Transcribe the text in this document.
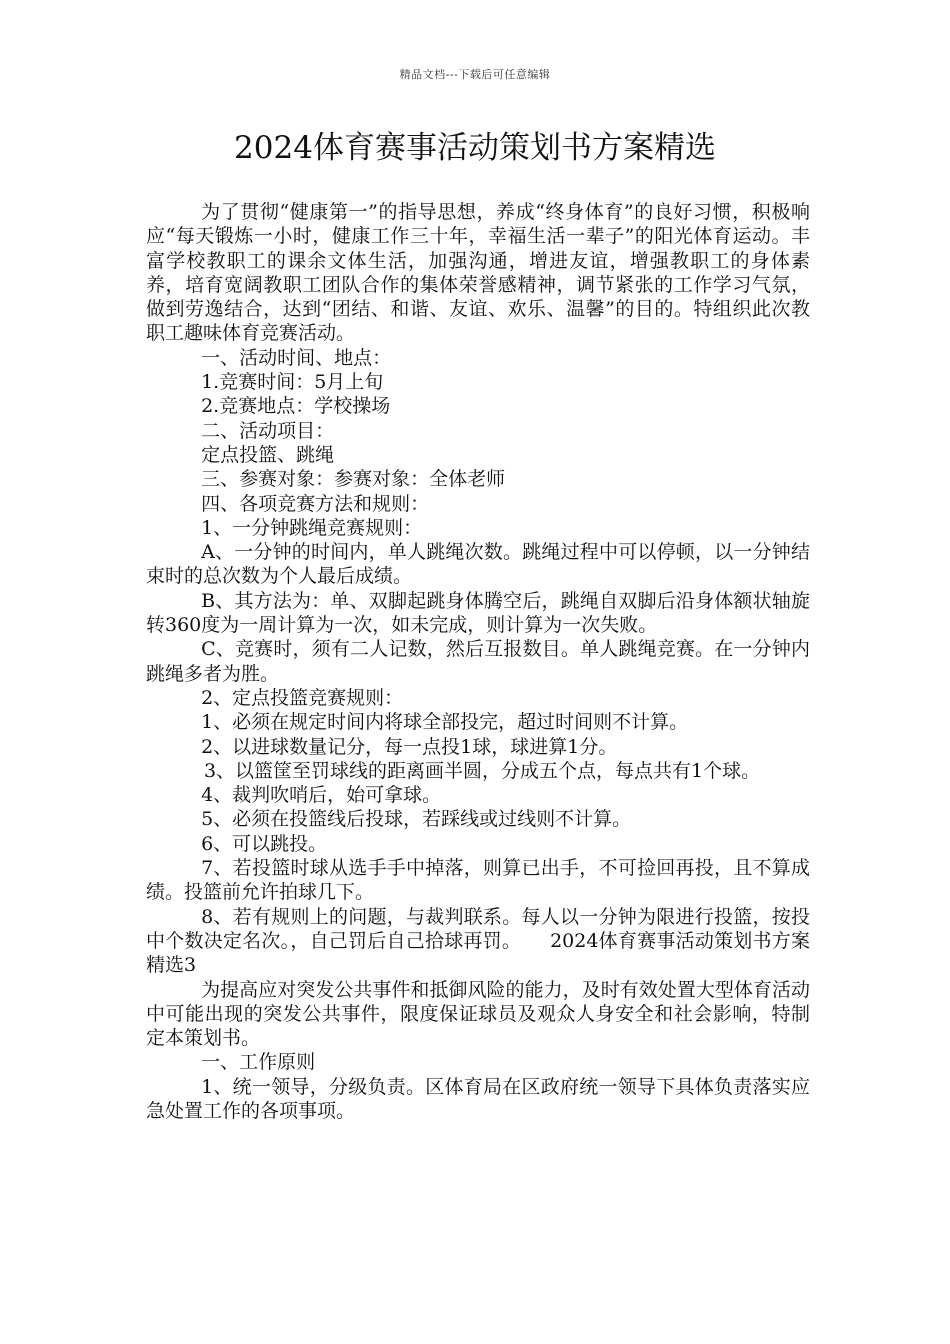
精品文档---下载后可任意编辑
2024体育赛事活动策划书方案精选

为了贯彻“健康第一”的指导思想，养成“终身体育”的良好习惯，积极响应“每天锻炼一小时，健康工作三十年，幸福生活一辈子”的阳光体育运动。丰富学校教职工的课余文体生活，加强沟通，增进友谊，增强教职工的身体素养，培育宽阔教职工团队合作的集体荣誉感精神，调节紧张的工作学习气氛，做到劳逸结合，达到“团结、和谐、友谊、欢乐、温馨”的目的。特组织此次教职工趣味体育竞赛活动。

一、活动时间、地点：

1.竞赛时间：5月上旬

2.竞赛地点：学校操场

二、活动项目：

定点投篮、跳绳

三、参赛对象：参赛对象：全体老师

四、各项竞赛方法和规则：

1、一分钟跳绳竞赛规则：

A、一分钟的时间内，单人跳绳次数。跳绳过程中可以停顿，以一分钟结束时的总次数为个人最后成绩。

B、其方法为：单、双脚起跳身体腾空后，跳绳自双脚后沿身体额状轴旋转360度为一周计算为一次，如未完成，则计算为一次失败。

C、竞赛时，须有二人记数，然后互报数目。单人跳绳竞赛。在一分钟内跳绳多者为胜。

2、定点投篮竞赛规则：

1、必须在规定时间内将球全部投完，超过时间则不计算。

2、以进球数量记分，每一点投1球，球进算1分。

3、以篮筐至罚球线的距离画半圆，分成五个点，每点共有1个球。

4、裁判吹哨后，始可拿球。

5、必须在投篮线后投球，若踩线或过线则不计算。

6、可以跳投。

7、若投篮时球从选手手中掉落，则算已出手，不可捡回再投，且不算成绩。投篮前允许拍球几下。

8、若有规则上的问题，与裁判联系。每人以一分钟为限进行投篮，按投中个数决定名次。，自己罚后自己拾球再罚。　　2024体育赛事活动策划书方案精选3

为提高应对突发公共事件和抵御风险的能力，及时有效处置大型体育活动中可能出现的突发公共事件，限度保证球员及观众人身安全和社会影响，特制定本策划书。

一、工作原则

1、统一领导，分级负责。区体育局在区政府统一领导下具体负责落实应急处置工作的各项事项。
